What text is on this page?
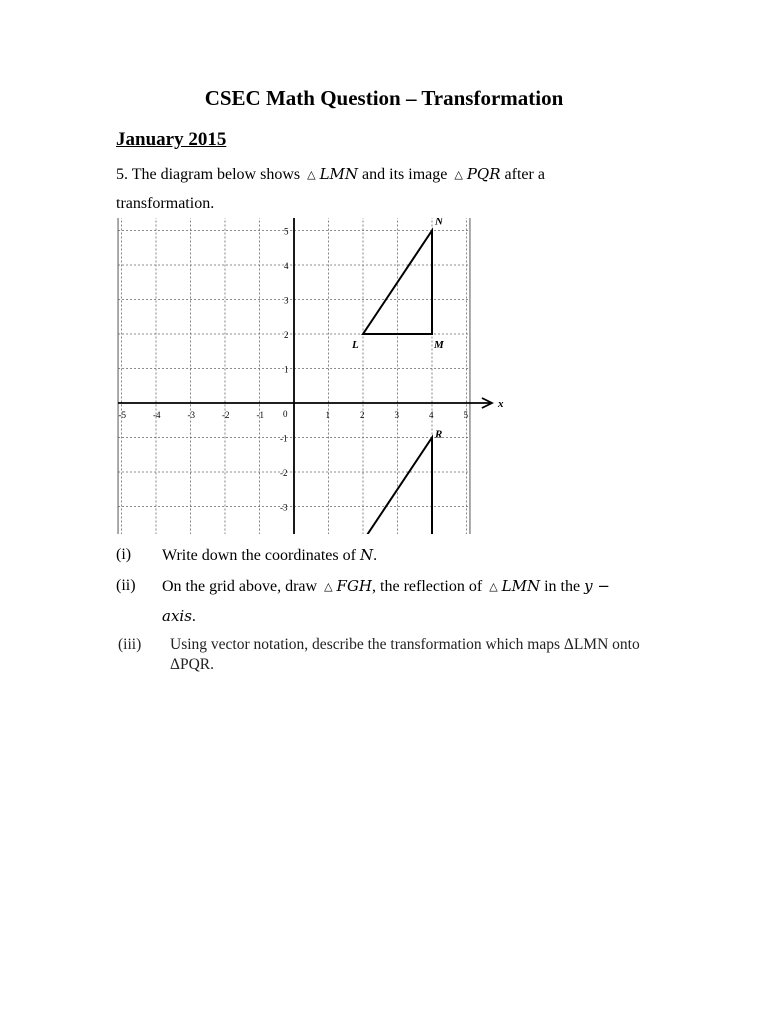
CSEC Math Question – Transformation
January 2015
5. The diagram below shows △ LMN and its image △ PQR after a
transformation.
-5	-4	-3	-2	-1	1	2	3	4	5
5
4
3
2
1
-1
-2
-3
L	M
N
R
x
0
(i) Write down the coordinates of N.
(ii) On the grid above, draw △ FGH, the reflection of △ LMN in the y −
axis.
(iii) Using vector notation, describe the transformation which maps ΔLMN onto
ΔPQR.
